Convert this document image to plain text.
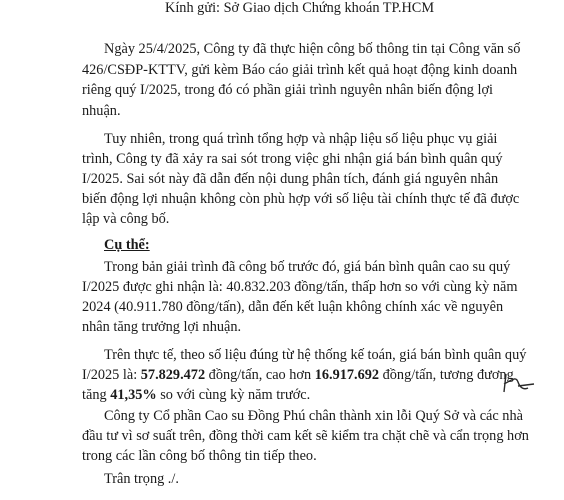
Kính gửi: Sở Giao dịch Chứng khoán TP.HCM
Ngày 25/4/2025, Công ty đã thực hiện công bố thông tin tại Công văn số
426/CSĐP-KTTV, gửi kèm Báo cáo giải trình kết quả hoạt động kinh doanh
riêng quý I/2025, trong đó có phần giải trình nguyên nhân biến động lợi
nhuận.
Tuy nhiên, trong quá trình tổng hợp và nhập liệu số liệu phục vụ giải
trình, Công ty đã xảy ra sai sót trong việc ghi nhận giá bán bình quân quý
I/2025. Sai sót này đã dẫn đến nội dung phân tích, đánh giá nguyên nhân
biến động lợi nhuận không còn phù hợp với số liệu tài chính thực tế đã được
lập và công bố.
Cụ thể:
Trong bản giải trình đã công bố trước đó, giá bán bình quân cao su quý
I/2025 được ghi nhận là: 40.832.203 đồng/tấn, thấp hơn so với cùng kỳ năm
2024 (40.911.780 đồng/tấn), dẫn đến kết luận không chính xác về nguyên
nhân tăng trưởng lợi nhuận.
Trên thực tế, theo số liệu đúng từ hệ thống kế toán, giá bán bình quân quý
I/2025 là: 57.829.472 đồng/tấn, cao hơn 16.917.692 đồng/tấn, tương đương
tăng 41,35% so với cùng kỳ năm trước.
Công ty Cổ phần Cao su Đồng Phú chân thành xin lỗi Quý Sở và các nhà
đầu tư vì sơ suất trên, đồng thời cam kết sẽ kiểm tra chặt chẽ và cẩn trọng hơn
trong các lần công bố thông tin tiếp theo.
Trân trọng ./.
